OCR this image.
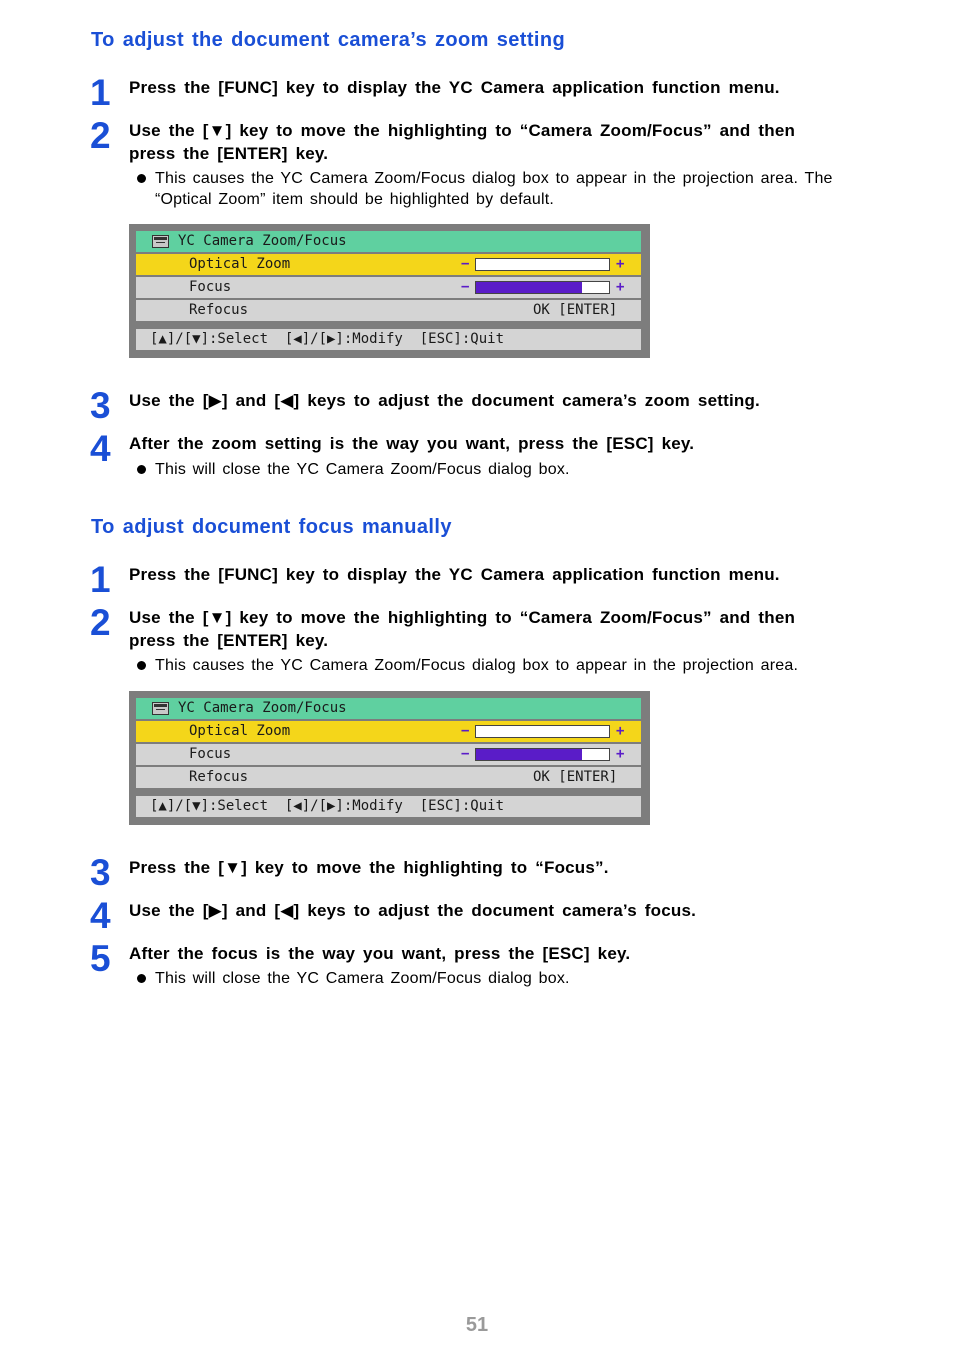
To adjust the document camera’s zoom setting
1 Press the [FUNC] key to display the YC Camera application function menu.

2 Use the [▼] key to move the highlighting to “Camera Zoom/Focus” and then press the [ENTER] key.

This causes the YC Camera Zoom/Focus dialog box to appear in the projection area. The “Optical Zoom” item should be highlighted by default.
YC Camera Zoom/Focus
Optical Zoom	−	+
Focus	−	+
Refocus	OK [ENTER]
[▲]/[▼]:Select  [◀]/[▶]:Modify  [ESC]:Quit
3 Use the [▶] and [◀] keys to adjust the document camera’s zoom setting.

4 After the zoom setting is the way you want, press the [ESC] key.

This will close the YC Camera Zoom/Focus dialog box.
To adjust document focus manually
1 Press the [FUNC] key to display the YC Camera application function menu.

2 Use the [▼] key to move the highlighting to “Camera Zoom/Focus” and then press the [ENTER] key.

This causes the YC Camera Zoom/Focus dialog box to appear in the projection area.
YC Camera Zoom/Focus
Optical Zoom	−	+
Focus	−	+
Refocus	OK [ENTER]
[▲]/[▼]:Select  [◀]/[▶]:Modify  [ESC]:Quit
3 Press the [▼] key to move the highlighting to “Focus”.

4 Use the [▶] and [◀] keys to adjust the document camera’s focus.

5 After the focus is the way you want, press the [ESC] key.

This will close the YC Camera Zoom/Focus dialog box.
51
